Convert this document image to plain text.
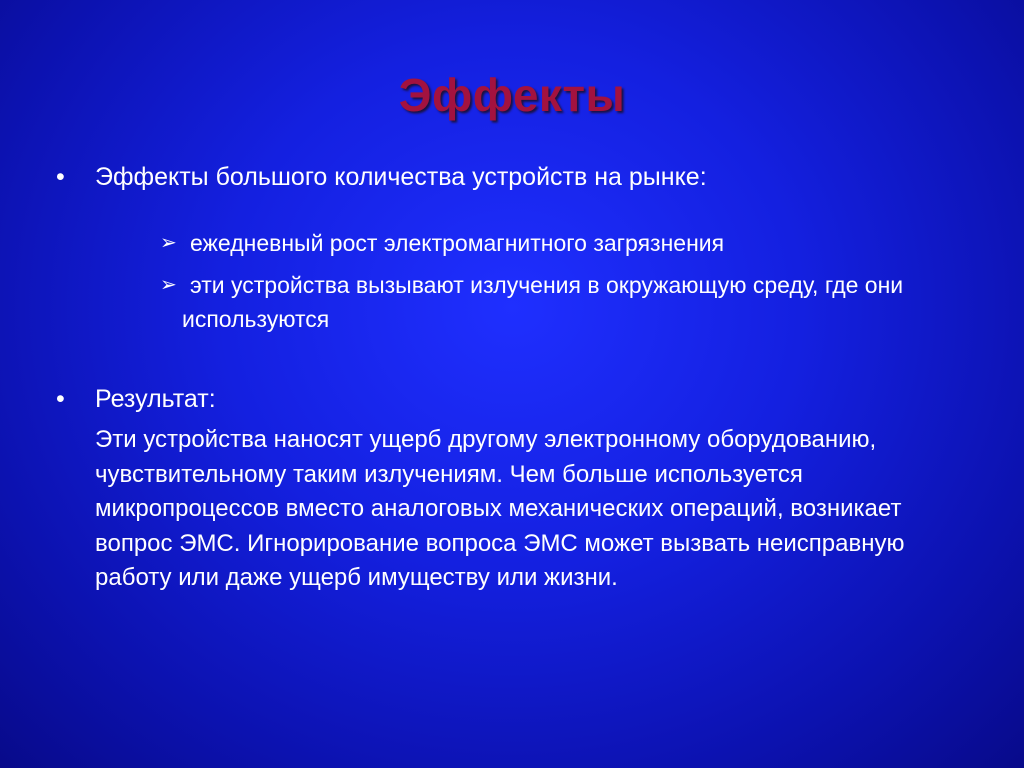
Эффекты
• Эффекты большого количества устройств на рынке:
➢ ежедневный рост электромагнитного загрязнения
➢ эти устройства вызывают излучения в окружающую среду, где они используются
• Результат:
Эти устройства наносят ущерб другому электронному оборудованию, чувствительному таким излучениям. Чем больше используется микропроцессов вместо аналоговых механических операций, возникает вопрос ЭМС. Игнорирование вопроса ЭМС может вызвать неисправную работу или даже ущерб имуществу или жизни.
